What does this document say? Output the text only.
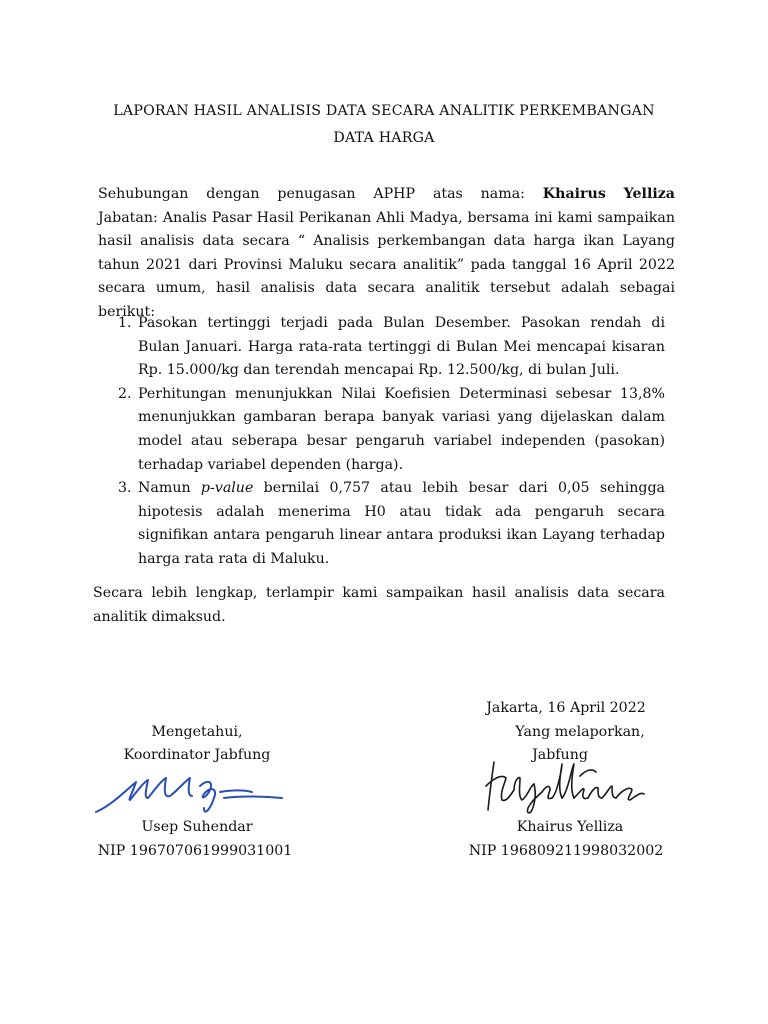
LAPORAN HASIL ANALISIS DATA SECARA ANALITIK PERKEMBANGAN
DATA HARGA
Sehubungan dengan penugasan APHP atas nama: Khairus Yelliza
Jabatan: Analis Pasar Hasil Perikanan Ahli Madya, bersama ini kami sampaikan hasil analisis data secara “ Analisis perkembangan data harga ikan Layang tahun 2021 dari Provinsi Maluku secara analitik” pada tanggal 16 April 2022 secara umum, hasil analisis data secara analitik tersebut adalah sebagai berikut:
1. Pasokan tertinggi terjadi pada Bulan Desember. Pasokan rendah di Bulan Januari. Harga rata-rata tertinggi di Bulan Mei mencapai kisaran Rp. 15.000/kg dan terendah mencapai Rp. 12.500/kg, di bulan Juli.
2. Perhitungan menunjukkan Nilai Koefisien Determinasi sebesar 13,8% menunjukkan gambaran berapa banyak variasi yang dijelaskan dalam model atau seberapa besar pengaruh variabel independen (pasokan) terhadap variabel dependen (harga).
3. Namun p-value bernilai 0,757 atau lebih besar dari 0,05 sehingga hipotesis adalah menerima H0 atau tidak ada pengaruh secara signifikan antara pengaruh linear antara produksi ikan Layang terhadap harga rata rata di Maluku.
Secara lebih lengkap, terlampir kami sampaikan hasil analisis data secara analitik dimaksud.
Jakarta, 16 April 2022
Yang melaporkan,
Jabfung
Khairus Yelliza
NIP 196809211998032002
Mengetahui,
Koordinator Jabfung
Usep Suhendar
NIP 196707061999031001
